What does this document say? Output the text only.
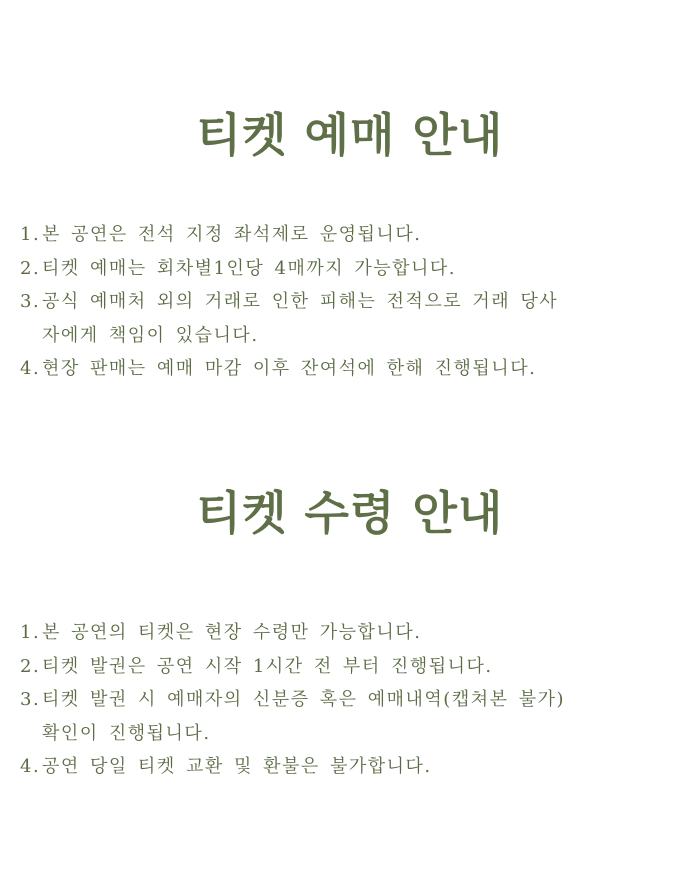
티켓 예매 안내
1. 본 공연은 전석 지정 좌석제로 운영됩니다.
2. 티켓 예매는 회차별1인당 4매까지 가능합니다.
3. 공식 예매처 외의 거래로 인한 피해는 전적으로 거래 당사
자에게 책임이 있습니다.
4. 현장 판매는 예매 마감 이후 잔여석에 한해 진행됩니다.
티켓 수령 안내
1. 본 공연의 티켓은 현장 수령만 가능합니다.
2. 티켓 발권은 공연 시작 1시간 전 부터 진행됩니다.
3. 티켓 발권 시 예매자의 신분증 혹은 예매내역(캡쳐본 불가)
확인이 진행됩니다.
4. 공연 당일 티켓 교환 및 환불은 불가합니다.
